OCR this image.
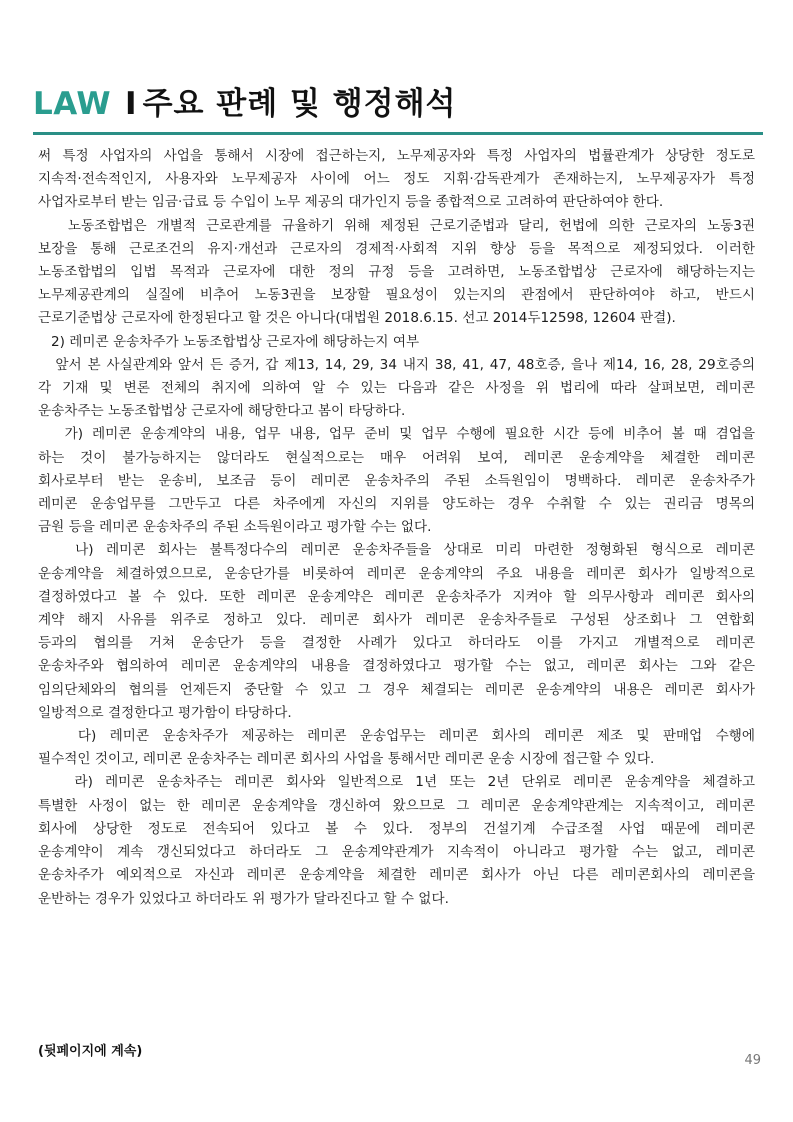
LAW I 주요 판례 및 행정해석

써 특정 사업자의 사업을 통해서 시장에 접근하는지, 노무제공자와 특정 사업자의 법률관계가 상당한 정도로

지속적·전속적인지, 사용자와 노무제공자 사이에 어느 정도 지휘·감독관계가 존재하는지, 노무제공자가 특정

사업자로부터 받는 임금·급료 등 수입이 노무 제공의 대가인지 등을 종합적으로 고려하여 판단하여야 한다.

노동조합법은 개별적 근로관계를 규율하기 위해 제정된 근로기준법과 달리, 헌법에 의한 근로자의 노동3권

보장을 통해 근로조건의 유지·개선과 근로자의 경제적·사회적 지위 향상 등을 목적으로 제정되었다. 이러한

노동조합법의 입법 목적과 근로자에 대한 정의 규정 등을 고려하면, 노동조합법상 근로자에 해당하는지는

노무제공관계의 실질에 비추어 노동3권을 보장할 필요성이 있는지의 관점에서 판단하여야 하고, 반드시

근로기준법상 근로자에 한정된다고 할 것은 아니다(대법원 2018.6.15. 선고 2014두12598, 12604 판결).

2) 레미콘 운송차주가 노동조합법상 근로자에 해당하는지 여부

앞서 본 사실관계와 앞서 든 증거, 갑 제13, 14, 29, 34 내지 38, 41, 47, 48호증, 을나 제14, 16, 28, 29호증의

각 기재 및 변론 전체의 취지에 의하여 알 수 있는 다음과 같은 사정을 위 법리에 따라 살펴보면, 레미콘

운송차주는 노동조합법상 근로자에 해당한다고 봄이 타당하다.

가) 레미콘 운송계약의 내용, 업무 내용, 업무 준비 및 업무 수행에 필요한 시간 등에 비추어 볼 때 겸업을

하는 것이 불가능하지는 않더라도 현실적으로는 매우 어려워 보여, 레미콘 운송계약을 체결한 레미콘

회사로부터 받는 운송비, 보조금 등이 레미콘 운송차주의 주된 소득원임이 명백하다. 레미콘 운송차주가

레미콘 운송업무를 그만두고 다른 차주에게 자신의 지위를 양도하는 경우 수취할 수 있는 권리금 명목의

금원 등을 레미콘 운송차주의 주된 소득원이라고 평가할 수는 없다.

나) 레미콘 회사는 불특정다수의 레미콘 운송차주들을 상대로 미리 마련한 정형화된 형식으로 레미콘

운송계약을 체결하였으므로, 운송단가를 비롯하여 레미콘 운송계약의 주요 내용을 레미콘 회사가 일방적으로

결정하였다고 볼 수 있다. 또한 레미콘 운송계약은 레미콘 운송차주가 지켜야 할 의무사항과 레미콘 회사의

계약 해지 사유를 위주로 정하고 있다. 레미콘 회사가 레미콘 운송차주들로 구성된 상조회나 그 연합회

등과의 협의를 거쳐 운송단가 등을 결정한 사례가 있다고 하더라도 이를 가지고 개별적으로 레미콘

운송차주와 협의하여 레미콘 운송계약의 내용을 결정하였다고 평가할 수는 없고, 레미콘 회사는 그와 같은

임의단체와의 협의를 언제든지 중단할 수 있고 그 경우 체결되는 레미콘 운송계약의 내용은 레미콘 회사가

일방적으로 결정한다고 평가함이 타당하다.

다) 레미콘 운송차주가 제공하는 레미콘 운송업무는 레미콘 회사의 레미콘 제조 및 판매업 수행에

필수적인 것이고, 레미콘 운송차주는 레미콘 회사의 사업을 통해서만 레미콘 운송 시장에 접근할 수 있다.

라) 레미콘 운송차주는 레미콘 회사와 일반적으로 1년 또는 2년 단위로 레미콘 운송계약을 체결하고

특별한 사정이 없는 한 레미콘 운송계약을 갱신하여 왔으므로 그 레미콘 운송계약관계는 지속적이고, 레미콘

회사에 상당한 정도로 전속되어 있다고 볼 수 있다. 정부의 건설기계 수급조절 사업 때문에 레미콘

운송계약이 계속 갱신되었다고 하더라도 그 운송계약관계가 지속적이 아니라고 평가할 수는 없고, 레미콘

운송차주가 예외적으로 자신과 레미콘 운송계약을 체결한 레미콘 회사가 아닌 다른 레미콘회사의 레미콘을

운반하는 경우가 있었다고 하더라도 위 평가가 달라진다고 할 수 없다.

(뒷페이지에 계속)
49
